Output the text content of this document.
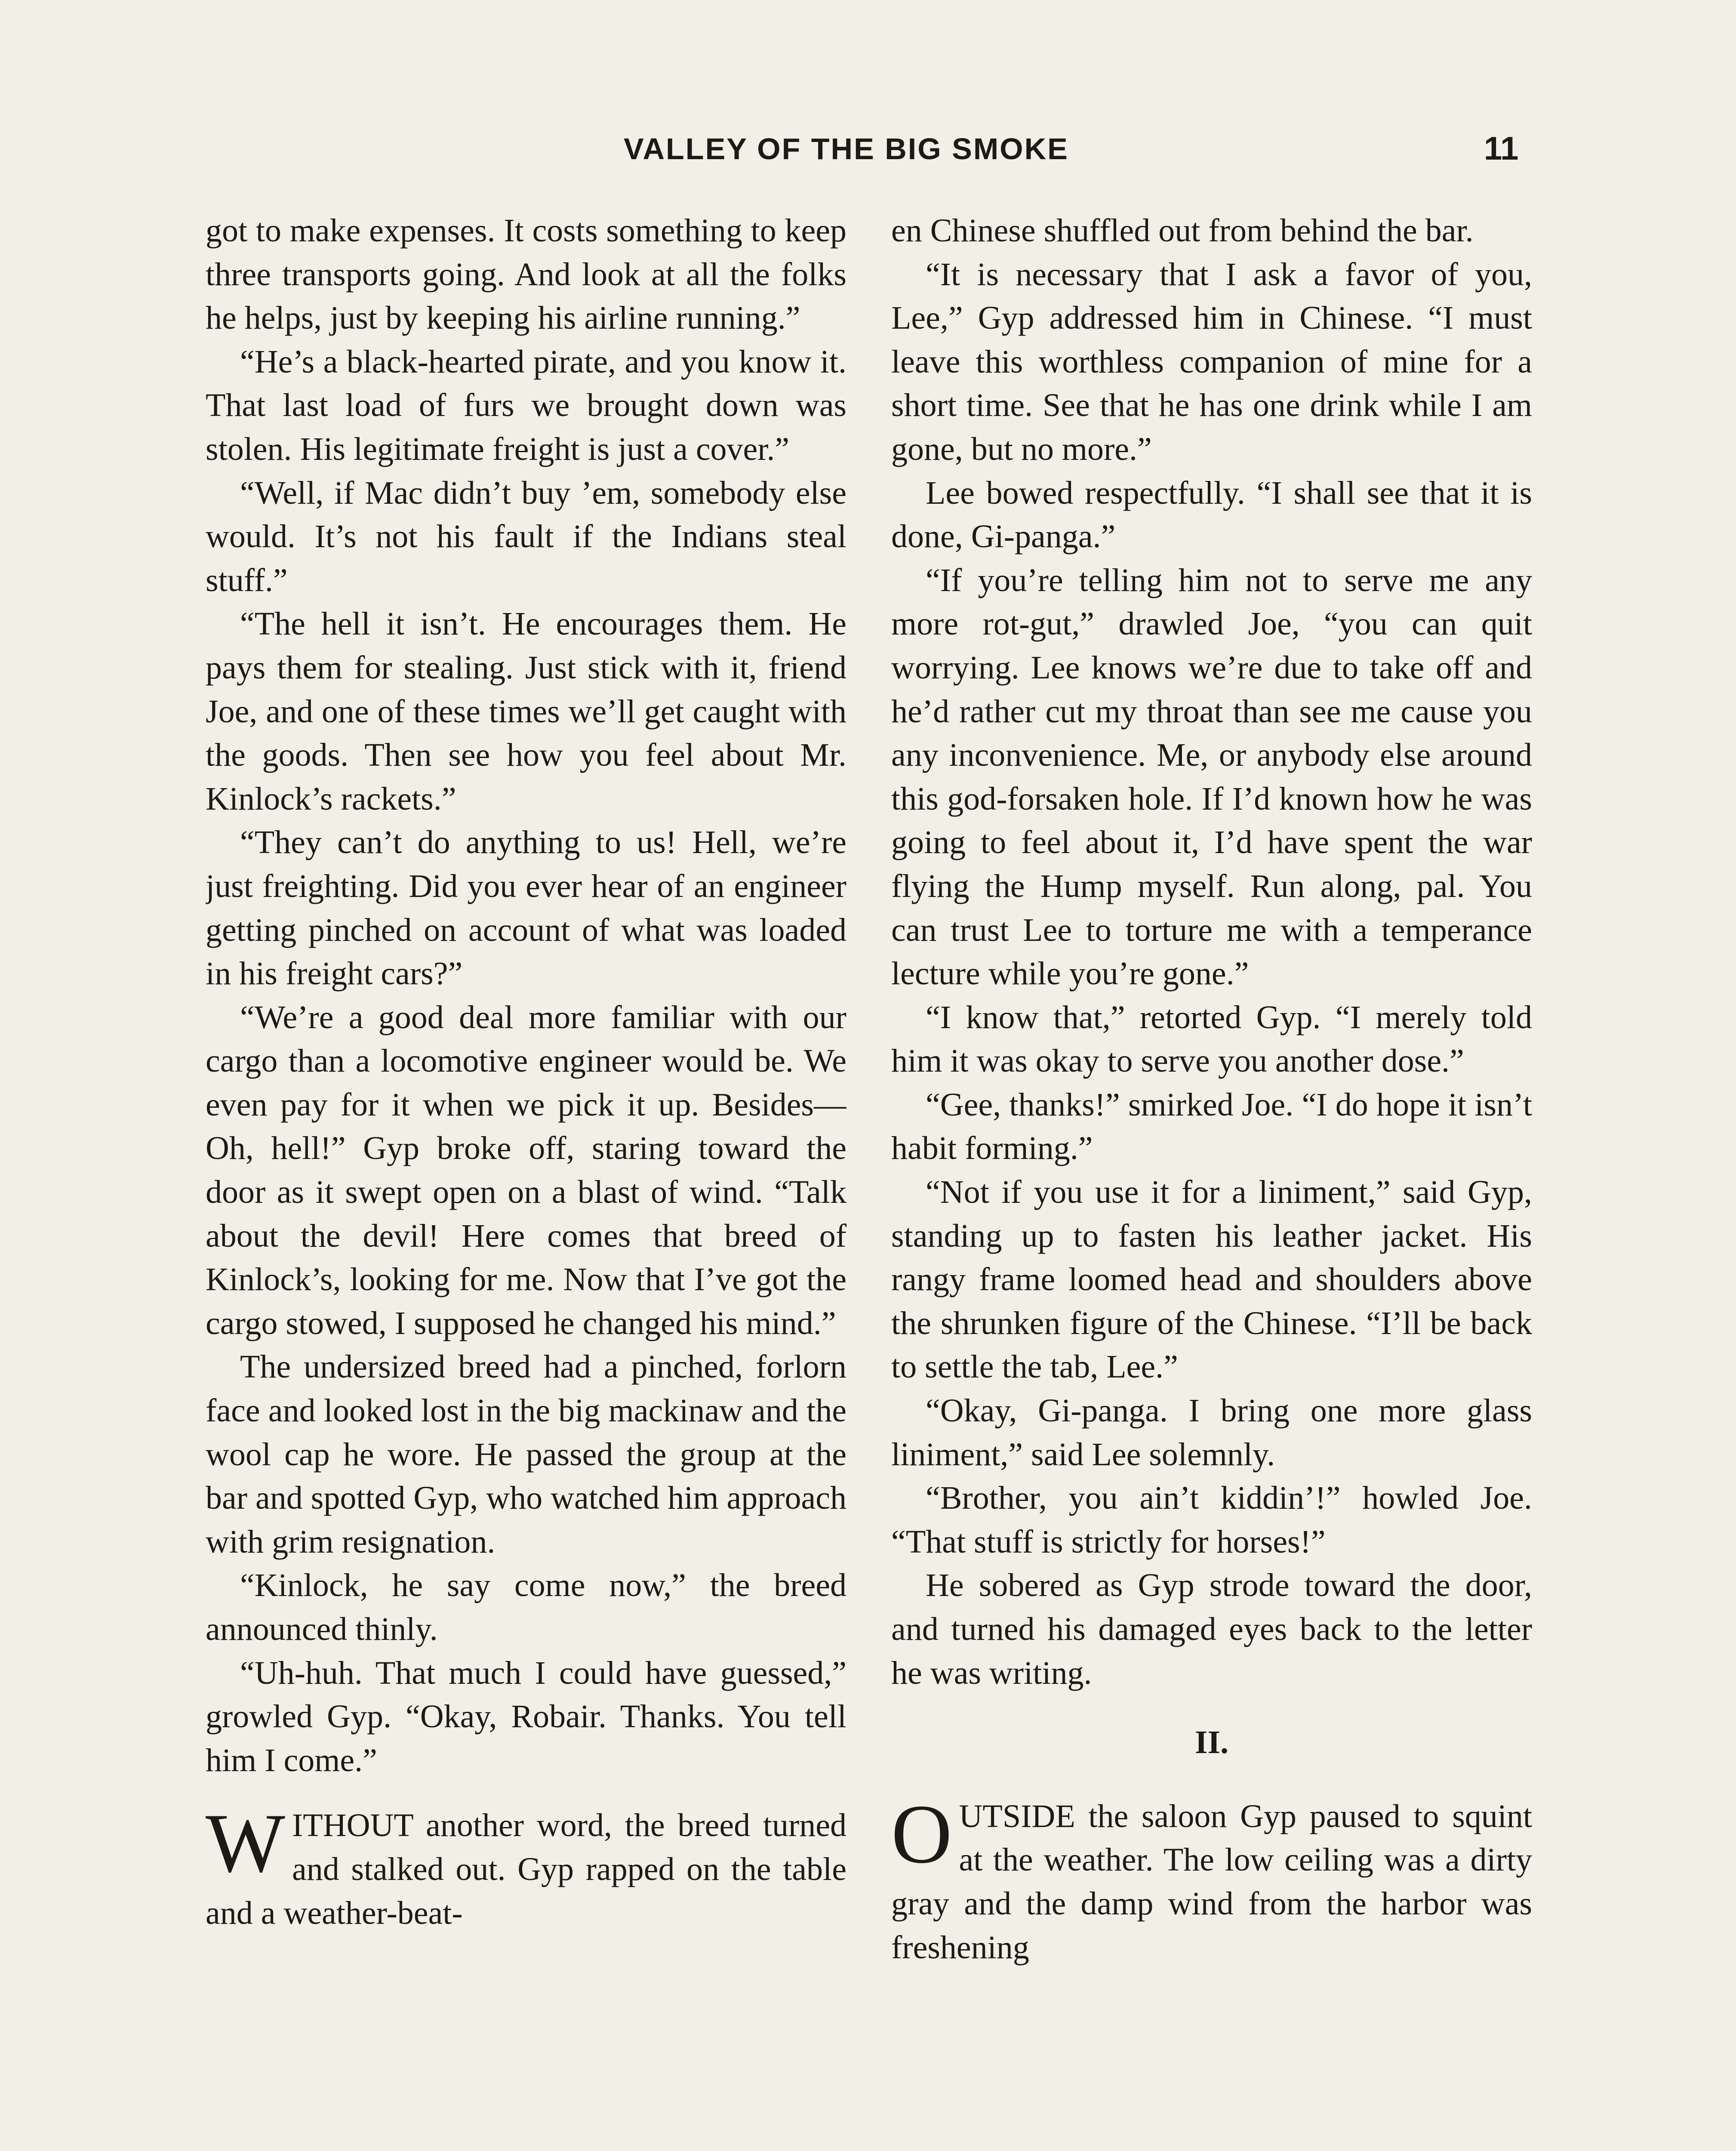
VALLEY OF THE BIG SMOKE	11

got to make expenses. It costs something to keep three transports going. And look at all the folks he helps, just by keeping his airline running.”

“He’s a black-hearted pirate, and you know it. That last load of furs we brought down was stolen. His legitimate freight is just a cover.”

“Well, if Mac didn’t buy ’em, somebody else would. It’s not his fault if the Indians steal stuff.”

“The hell it isn’t. He encourages them. He pays them for stealing. Just stick with it, friend Joe, and one of these times we’ll get caught with the goods. Then see how you feel about Mr. Kinlock’s rackets.”

“They can’t do anything to us! Hell, we’re just freighting. Did you ever hear of an engineer getting pinched on account of what was loaded in his freight cars?”

“We’re a good deal more familiar with our cargo than a locomotive engineer would be. We even pay for it when we pick it up. Besides—Oh, hell!” Gyp broke off, staring toward the door as it swept open on a blast of wind. “Talk about the devil! Here comes that breed of Kinlock’s, looking for me. Now that I’ve got the cargo stowed, I supposed he changed his mind.”

The undersized breed had a pinched, forlorn face and looked lost in the big mackinaw and the wool cap he wore. He passed the group at the bar and spotted Gyp, who watched him approach with grim resignation.

“Kinlock, he say come now,” the breed announced thinly.

“Uh-huh. That much I could have guessed,” growled Gyp. “Okay, Robair. Thanks. You tell him I come.”

WITHOUT another word, the breed turned and stalked out. Gyp rapped on the table and a weather-beat-

en Chinese shuffled out from behind the bar.

“It is necessary that I ask a favor of you, Lee,” Gyp addressed him in Chinese. “I must leave this worthless companion of mine for a short time. See that he has one drink while I am gone, but no more.”

Lee bowed respectfully. “I shall see that it is done, Gi-panga.”

“If you’re telling him not to serve me any more rot-gut,” drawled Joe, “you can quit worrying. Lee knows we’re due to take off and he’d rather cut my throat than see me cause you any inconvenience. Me, or anybody else around this god-forsaken hole. If I’d known how he was going to feel about it, I’d have spent the war flying the Hump myself. Run along, pal. You can trust Lee to torture me with a temperance lecture while you’re gone.”

“I know that,” retorted Gyp. “I merely told him it was okay to serve you another dose.”

“Gee, thanks!” smirked Joe. “I do hope it isn’t habit forming.”

“Not if you use it for a liniment,” said Gyp, standing up to fasten his leather jacket. His rangy frame loomed head and shoulders above the shrunken figure of the Chinese. “I’ll be back to settle the tab, Lee.”

“Okay, Gi-panga. I bring one more glass liniment,” said Lee solemnly.

“Brother, you ain’t kiddin’!” howled Joe. “That stuff is strictly for horses!”

He sobered as Gyp strode toward the door, and turned his damaged eyes back to the letter he was writing.

II.

OUTSIDE the saloon Gyp paused to squint at the weather. The low ceiling was a dirty gray and the damp wind from the harbor was freshening
